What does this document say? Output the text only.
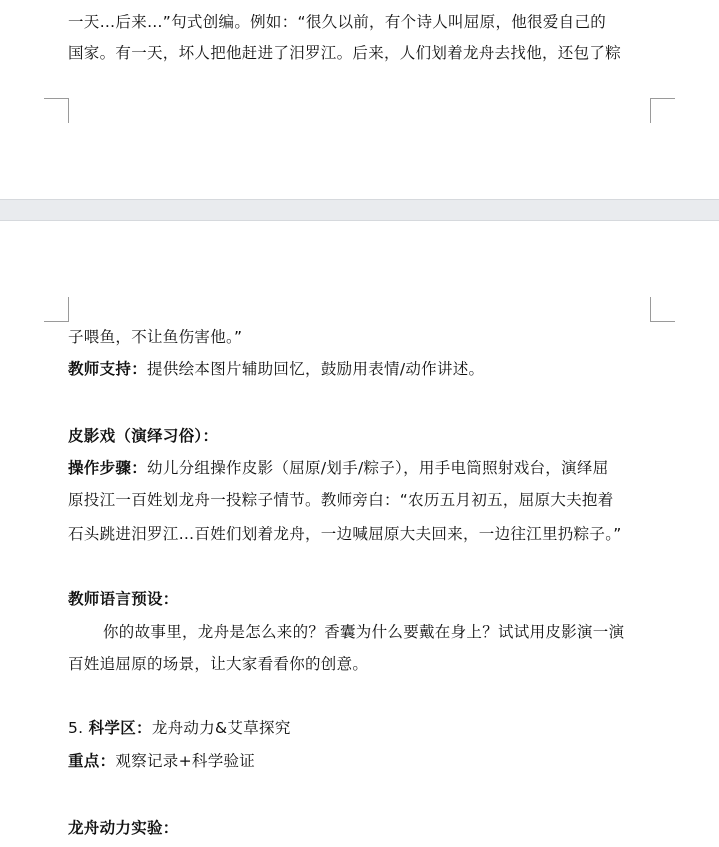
一天…后来…”句式创编。例如：“很久以前，有个诗人叫屈原，他很爱自己的
国家。有一天，坏人把他赶进了汨罗江。后来，人们划着龙舟去找他，还包了粽
子喂鱼，不让鱼伤害他。”
教师支持：提供绘本图片辅助回忆，鼓励用表情/动作讲述。
皮影戏（演绎习俗）：
操作步骤：幼儿分组操作皮影（屈原/划手/粽子），用手电筒照射戏台，演绎屈
原投江一百姓划龙舟一投粽子情节。教师旁白：“农历五月初五，屈原大夫抱着
石头跳进汨罗江…百姓们划着龙舟，一边喊屈原大夫回来，一边往江里扔粽子。”
教师语言预设：
你的故事里，龙舟是怎么来的？香囊为什么要戴在身上？试试用皮影演一演
百姓追屈原的场景，让大家看看你的创意。
5. 科学区：龙舟动力&艾草探究
重点：观察记录+科学验证
龙舟动力实验：
